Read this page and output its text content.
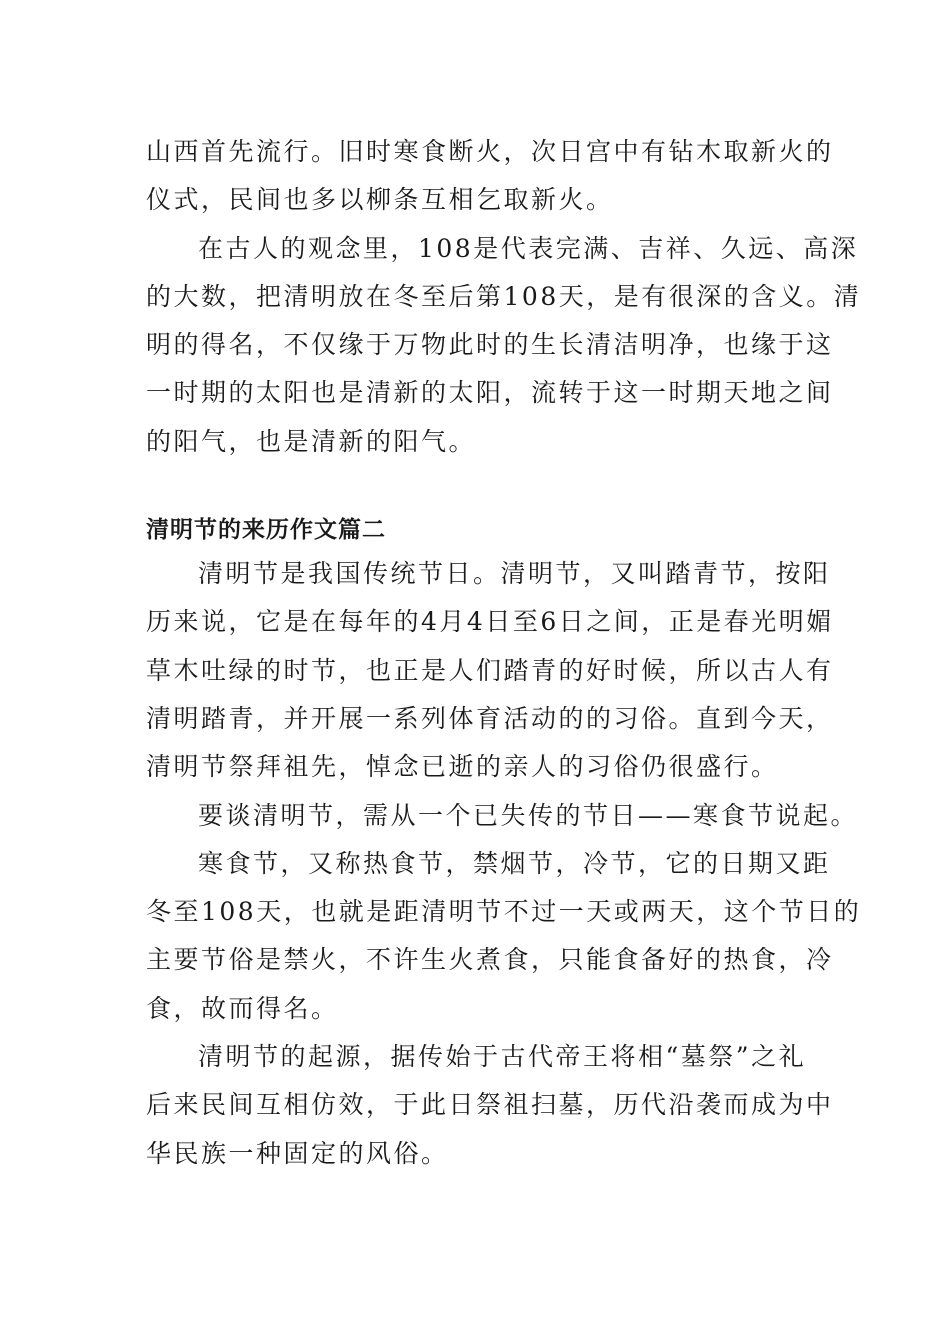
山西首先流行。旧时寒食断火，次日宫中有钻木取新火的
仪式，民间也多以柳条互相乞取新火。

在古人的观念里，108是代表完满、吉祥、久远、高深
的大数，把清明放在冬至后第108天，是有很深的含义。清
明的得名，不仅缘于万物此时的生长清洁明净，也缘于这
一时期的太阳也是清新的太阳，流转于这一时期天地之间
的阳气，也是清新的阳气。

清明节的来历作文篇二

清明节是我国传统节日。清明节，又叫踏青节，按阳
历来说，它是在每年的4月4日至6日之间，正是春光明媚
草木吐绿的时节，也正是人们踏青的好时候，所以古人有
清明踏青，并开展一系列体育活动的的习俗。直到今天，
清明节祭拜祖先，悼念已逝的亲人的习俗仍很盛行。

要谈清明节，需从一个已失传的节日——寒食节说起。

寒食节，又称热食节，禁烟节，冷节，它的日期又距
冬至108天，也就是距清明节不过一天或两天，这个节日的
主要节俗是禁火，不许生火煮食，只能食备好的热食，冷
食，故而得名。

清明节的起源，据传始于古代帝王将相“墓祭”之礼
后来民间互相仿效，于此日祭祖扫墓，历代沿袭而成为中
华民族一种固定的风俗。
